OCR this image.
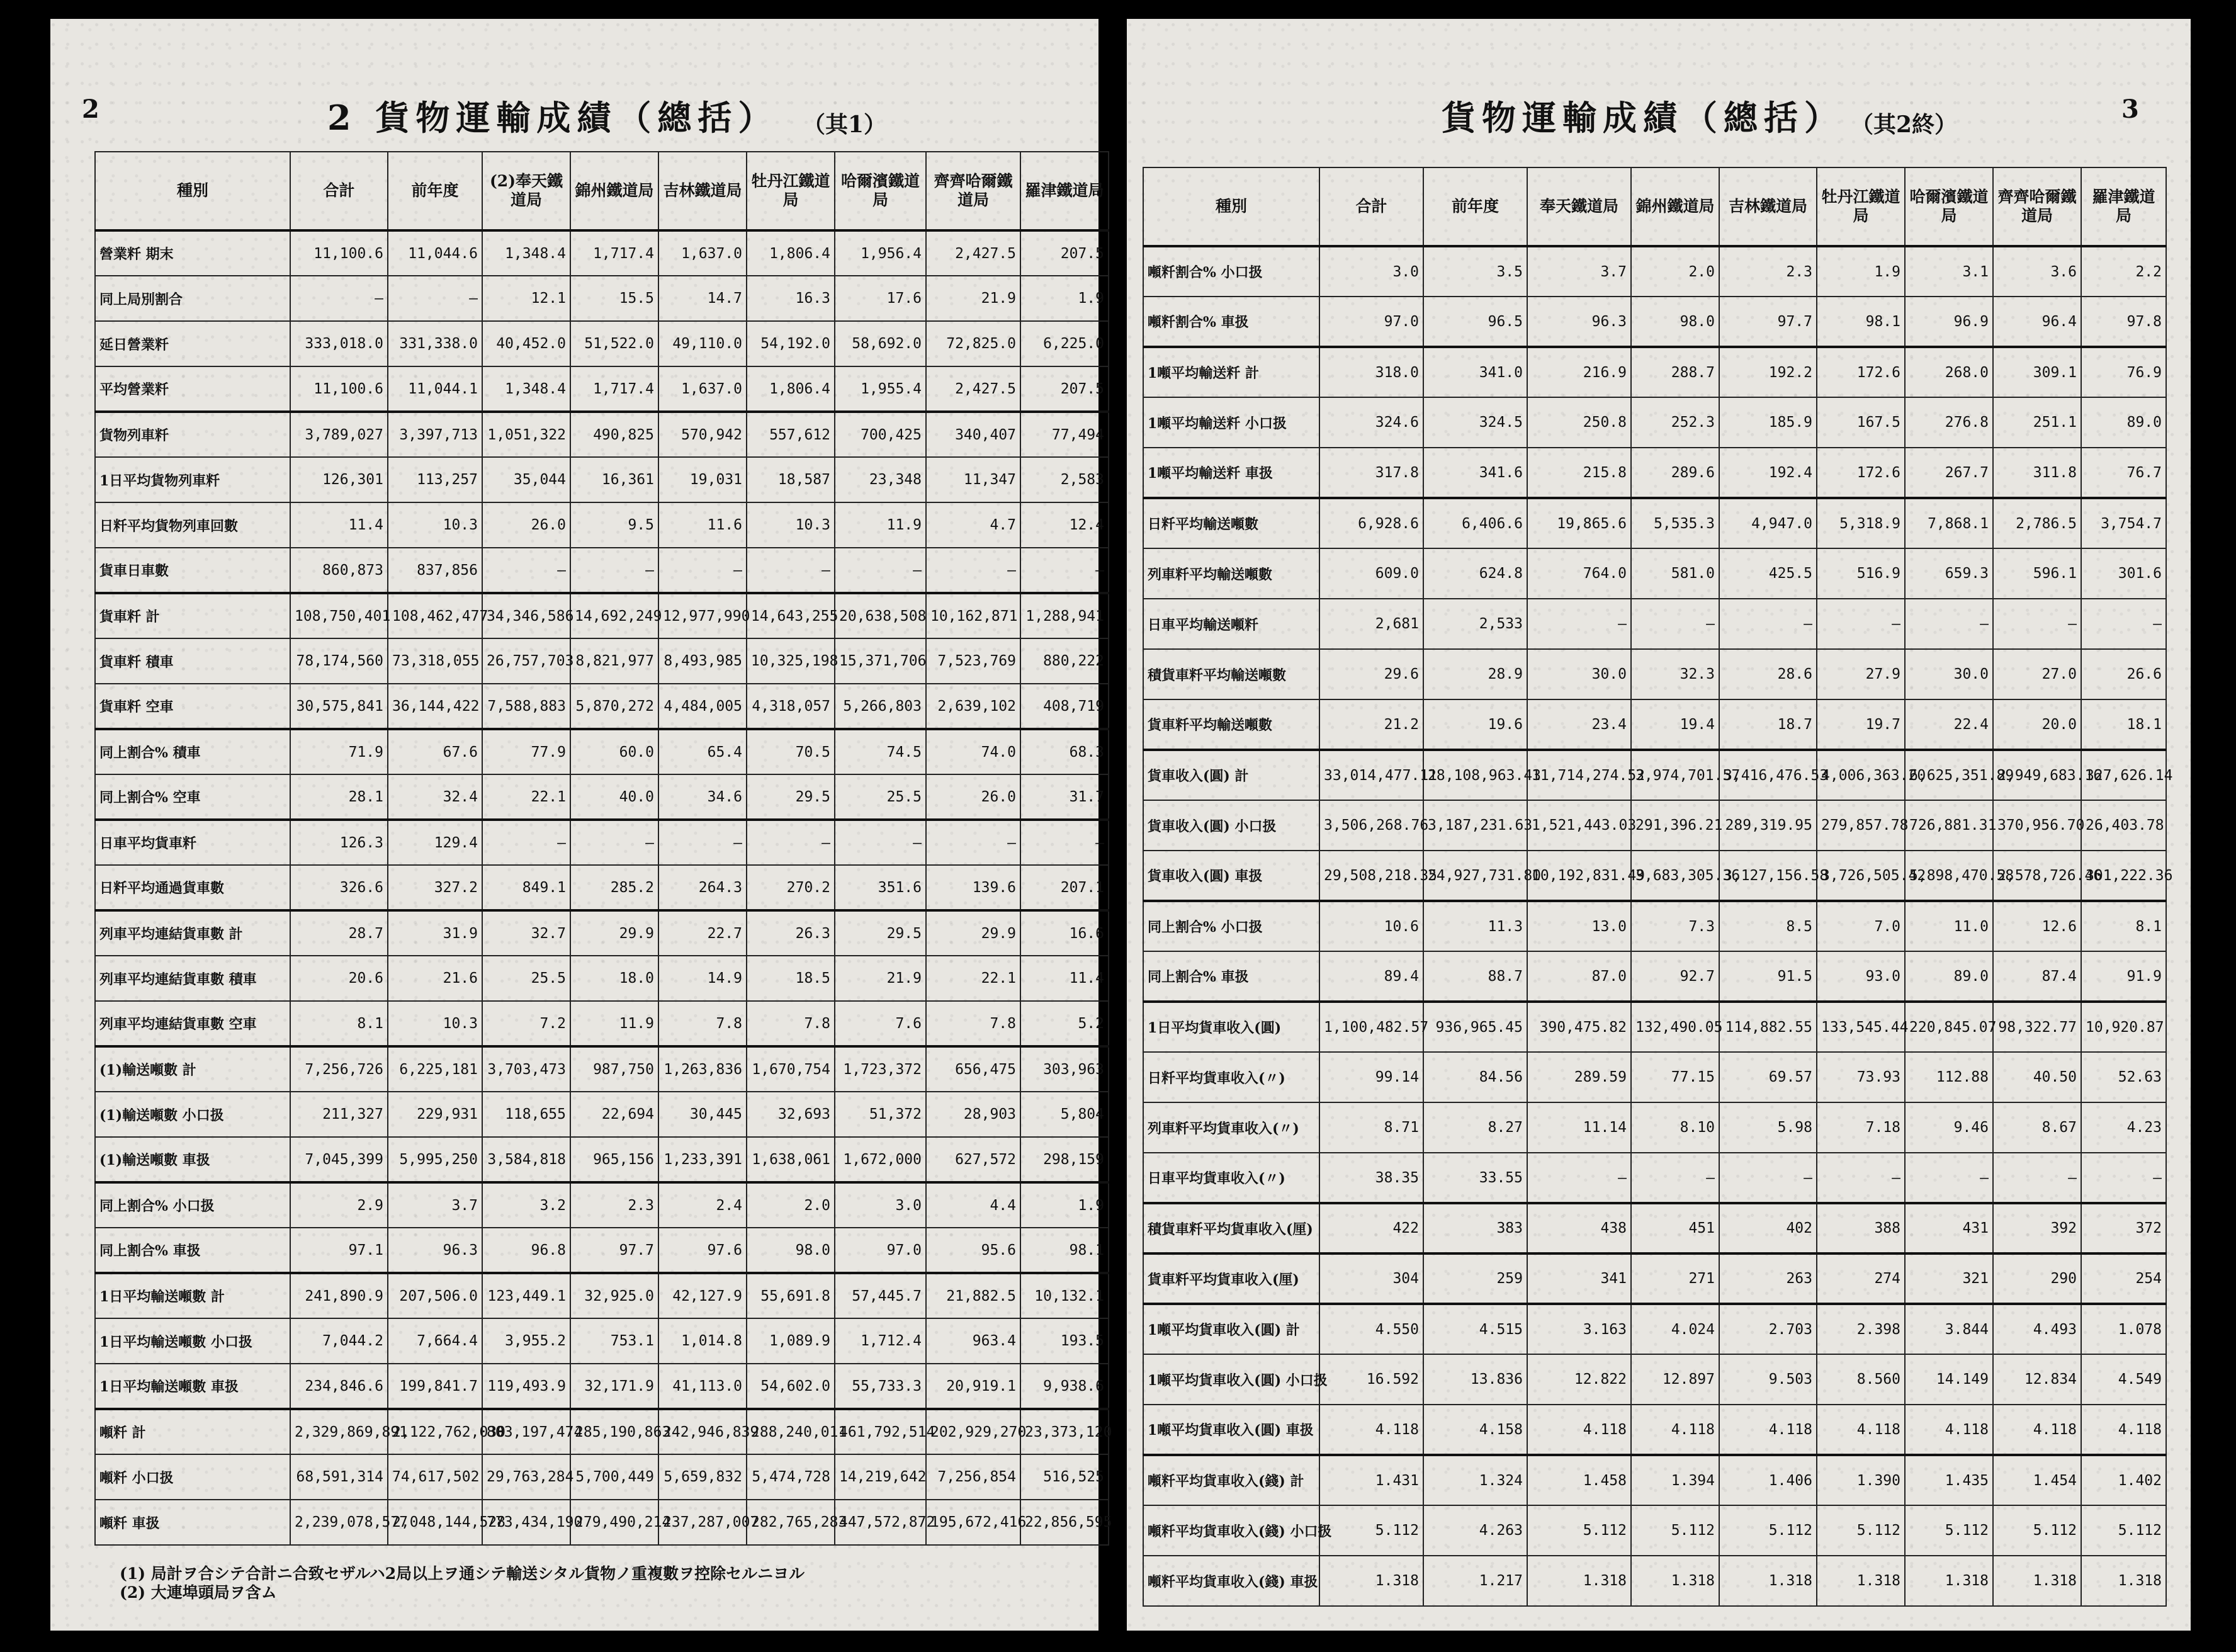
2	2 貨物運輸成績（總括） （其1）
種別	合計	前年度	(2)奉天鐵道局	錦州鐵道局	吉林鐵道局	牡丹江鐵道局	哈爾濱鐵道局	齊齊哈爾鐵道局	羅津鐵道局
營業粁 期末	11,100.6	11,044.6	1,348.4	1,717.4	1,637.0	1,806.4	1,956.4	2,427.5	207.5
同上局別割合	—	—	12.1	15.5	14.7	16.3	17.6	21.9	1.9
延日營業粁	333,018.0	331,338.0	40,452.0	51,522.0	49,110.0	54,192.0	58,692.0	72,825.0	6,225.0
平均營業粁	11,100.6	11,044.1	1,348.4	1,717.4	1,637.0	1,806.4	1,955.4	2,427.5	207.5
貨物列車粁	3,789,027	3,397,713	1,051,322	490,825	570,942	557,612	700,425	340,407	77,494
1日平均貨物列車粁	126,301	113,257	35,044	16,361	19,031	18,587	23,348	11,347	2,583
日粁平均貨物列車回數	11.4	10.3	26.0	9.5	11.6	10.3	11.9	4.7	12.4
貨車日車數	860,873	837,856	—	—	—	—	—	—	—
貨車粁 計	108,750,401	108,462,477	34,346,586	14,692,249	12,977,990	14,643,255	20,638,508	10,162,871	1,288,941
貨車粁 積車	78,174,560	73,318,055	26,757,703	8,821,977	8,493,985	10,325,198	15,371,706	7,523,769	880,222
貨車粁 空車	30,575,841	36,144,422	7,588,883	5,870,272	4,484,005	4,318,057	5,266,803	2,639,102	408,719
同上割合% 積車	71.9	67.6	77.9	60.0	65.4	70.5	74.5	74.0	68.3
同上割合% 空車	28.1	32.4	22.1	40.0	34.6	29.5	25.5	26.0	31.7
日車平均貨車粁	126.3	129.4	—	—	—	—	—	—	—
日粁平均通過貨車數	326.6	327.2	849.1	285.2	264.3	270.2	351.6	139.6	207.1
列車平均連結貨車數 計	28.7	31.9	32.7	29.9	22.7	26.3	29.5	29.9	16.6
列車平均連結貨車數 積車	20.6	21.6	25.5	18.0	14.9	18.5	21.9	22.1	11.4
列車平均連結貨車數 空車	8.1	10.3	7.2	11.9	7.8	7.8	7.6	7.8	5.2
(1)輸送噸數 計	7,256,726	6,225,181	3,703,473	987,750	1,263,836	1,670,754	1,723,372	656,475	303,963
(1)輸送噸數 小口扱	211,327	229,931	118,655	22,694	30,445	32,693	51,372	28,903	5,804
(1)輸送噸數 車扱	7,045,399	5,995,250	3,584,818	965,156	1,233,391	1,638,061	1,672,000	627,572	298,159
同上割合% 小口扱	2.9	3.7	3.2	2.3	2.4	2.0	3.0	4.4	1.9
同上割合% 車扱	97.1	96.3	96.8	97.7	97.6	98.0	97.0	95.6	98.1
1日平均輸送噸數 計	241,890.9	207,506.0	123,449.1	32,925.0	42,127.9	55,691.8	57,445.7	21,882.5	10,132.1
1日平均輸送噸數 小口扱	7,044.2	7,664.4	3,955.2	753.1	1,014.8	1,089.9	1,712.4	963.4	193.5
1日平均輸送噸數 車扱	234,846.6	199,841.7	119,493.9	32,171.9	41,113.0	54,602.0	55,733.3	20,919.1	9,938.6
噸粁 計	2,329,869,891	2,122,762,030	803,197,474	285,190,863	242,946,839	288,240,011	461,792,514	202,929,270	23,373,120
噸粁 小口扱	68,591,314	74,617,502	29,763,284	5,700,449	5,659,832	5,474,728	14,219,642	7,256,854	516,525
噸粁 車扱	2,239,078,577	2,048,144,528	773,434,190	279,490,214	237,287,007	282,765,283	447,572,872	195,672,416	22,856,595
(1) 局計ヲ合シテ合計ニ合致セザルハ2局以上ヲ通シテ輸送シタル貨物ノ重複數ヲ控除セルニヨル
(2) 大連埠頭局ヲ含ム
貨物運輸成績（總括） （其2終）
3
種別	合計	前年度	奉天鐵道局	錦州鐵道局	吉林鐵道局	牡丹江鐵道局	哈爾濱鐵道局	齊齊哈爾鐵道局	羅津鐵道局
噸粁割合% 小口扱	3.0	3.5	3.7	2.0	2.3	1.9	3.1	3.6	2.2
噸粁割合% 車扱	97.0	96.5	96.3	98.0	97.7	98.1	96.9	96.4	97.8
1噸平均輸送粁 計	318.0	341.0	216.9	288.7	192.2	172.6	268.0	309.1	76.9
1噸平均輸送粁 小口扱	324.6	324.5	250.8	252.3	185.9	167.5	276.8	251.1	89.0
1噸平均輸送粁 車扱	317.8	341.6	215.8	289.6	192.4	172.6	267.7	311.8	76.7
日粁平均輸送噸數	6,928.6	6,406.6	19,865.6	5,535.3	4,947.0	5,318.9	7,868.1	2,786.5	3,754.7
列車粁平均輸送噸數	609.0	624.8	764.0	581.0	425.5	516.9	659.3	596.1	301.6
日車平均輸送噸粁	2,681	2,533	—	—	—	—	—	—	—
積貨車粁平均輸送噸數	29.6	28.9	30.0	32.3	28.6	27.9	30.0	27.0	26.6
貨車粁平均輸送噸數	21.2	19.6	23.4	19.4	18.7	19.7	22.4	20.0	18.1
貨車收入(圓) 計	33,014,477.11	28,108,963.43	11,714,274.52	3,974,701.57	3,416,476.53	4,006,363.20	6,625,351.89	2,949,683.16	327,626.14
貨車收入(圓) 小口扱	3,506,268.76	3,187,231.63	1,521,443.03	291,396.21	289,319.95	279,857.78	726,881.31	370,956.70	26,403.78
貨車收入(圓) 車扱	29,508,218.35	24,927,731.80	10,192,831.49	3,683,305.36	3,127,156.58	3,726,505.42	5,898,470.58	2,578,726.46	301,222.36
同上割合% 小口扱	10.6	11.3	13.0	7.3	8.5	7.0	11.0	12.6	8.1
同上割合% 車扱	89.4	88.7	87.0	92.7	91.5	93.0	89.0	87.4	91.9
1日平均貨車收入(圓)	1,100,482.57	936,965.45	390,475.82	132,490.05	114,882.55	133,545.44	220,845.07	98,322.77	10,920.87
日粁平均貨車收入(〃)	99.14	84.56	289.59	77.15	69.57	73.93	112.88	40.50	52.63
列車粁平均貨車收入(〃)	8.71	8.27	11.14	8.10	5.98	7.18	9.46	8.67	4.23
日車平均貨車收入(〃)	38.35	33.55	—	—	—	—	—	—	—
積貨車粁平均貨車收入(厘)	422	383	438	451	402	388	431	392	372
貨車粁平均貨車收入(厘)	304	259	341	271	263	274	321	290	254
1噸平均貨車收入(圓) 計	4.550	4.515	3.163	4.024	2.703	2.398	3.844	4.493	1.078
1噸平均貨車收入(圓) 小口扱	16.592	13.836	12.822	12.897	9.503	8.560	14.149	12.834	4.549
1噸平均貨車收入(圓) 車扱	4.118	4.158	4.118	4.118	4.118	4.118	4.118	4.118	4.118
噸粁平均貨車收入(錢) 計	1.431	1.324	1.458	1.394	1.406	1.390	1.435	1.454	1.402
噸粁平均貨車收入(錢) 小口扱	5.112	4.263	5.112	5.112	5.112	5.112	5.112	5.112	5.112
噸粁平均貨車收入(錢) 車扱	1.318	1.217	1.318	1.318	1.318	1.318	1.318	1.318	1.318
